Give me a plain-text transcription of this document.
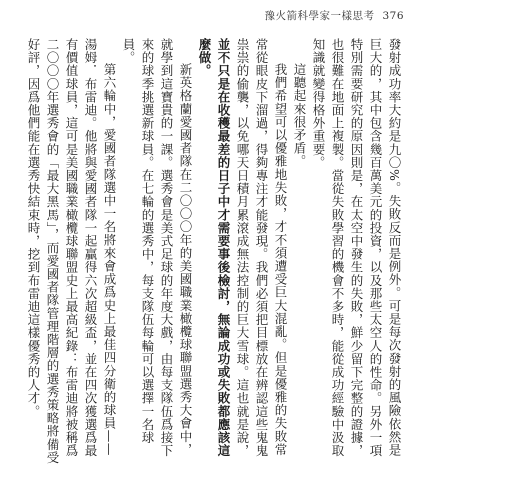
豫火箭科學家一樣思考 376

發射成功率大約是九〇%。失敗反而是例外。可是每次發射的風險依然是巨大的，其中包含幾百萬美元的投資，以及那些太空人的性命。另外一項特別需要研究的原因則是，在太空中發生的失敗，鮮少留下完整的證據，也很難在地面上複製。當從失敗學習的機會不多時，能從成功經驗中汲取知識就變得格外重要。

這聽起來很矛盾。

我們希望可以優雅地失敗，才不須遭受巨大混亂。但是優雅的失敗常常從眼皮下溜過，得夠專注才能發現。我們必須把目標放在辨認這些鬼鬼祟祟的偷襲，以免哪天日積月累滾成無法控制的巨大雪球。這也就是說，並不只是在收穫最差的日子中才需要事後檢討，無論成功或失敗都應該這麼做。

新英格蘭愛國者隊在二〇〇〇年的美國職業橄欖球聯盟選秀大會中，就學到這寶貴的一課。選秀會是美式足球的年度大戲，由每支隊伍爲接下來的球季挑選新球員。在七輪的選秀中，每支隊伍每輪可以選擇一名球員。

第六輪中，愛國者隊選中一名將來會成爲史上最佳四分衛的球員——湯姆．布雷迪。他將與愛國者隊一起贏得六次超級盃，並在四次獲選爲最有價值球員，這可是美國職業橄欖球聯盟史上最高紀錄：布雷迪將被稱爲二〇〇〇年選秀會的「最大黑馬」，而愛國者隊管理階層的選秀策略將備受好評，因爲他們能在選秀快結束時，挖到布雷迪這樣優秀的人才。
